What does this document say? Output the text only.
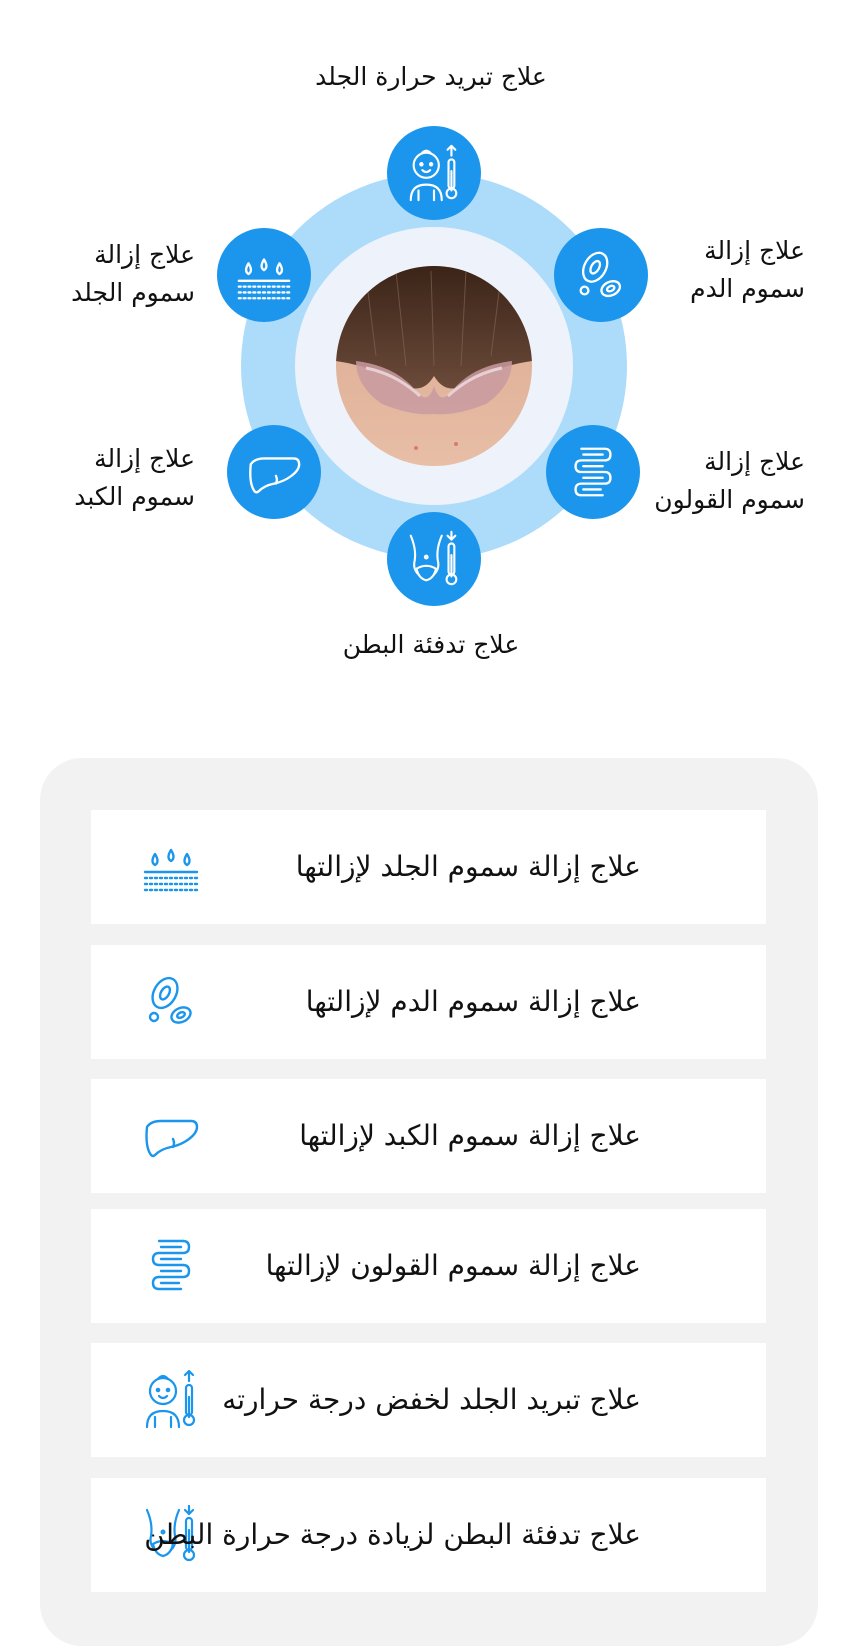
علاج تبريد حرارة الجلد
علاج إزالة
سموم الجلد
علاج إزالة
سموم الدم
علاج إزالة
سموم الكبد
علاج إزالة
سموم القولون
علاج تدفئة البطن
علاج إزالة سموم الجلد لإزالتها
علاج إزالة سموم الدم لإزالتها
علاج إزالة سموم الكبد لإزالتها
علاج إزالة سموم القولون لإزالتها
علاج تبريد الجلد لخفض درجة حرارته
علاج تدفئة البطن لزيادة درجة حرارة البطن
